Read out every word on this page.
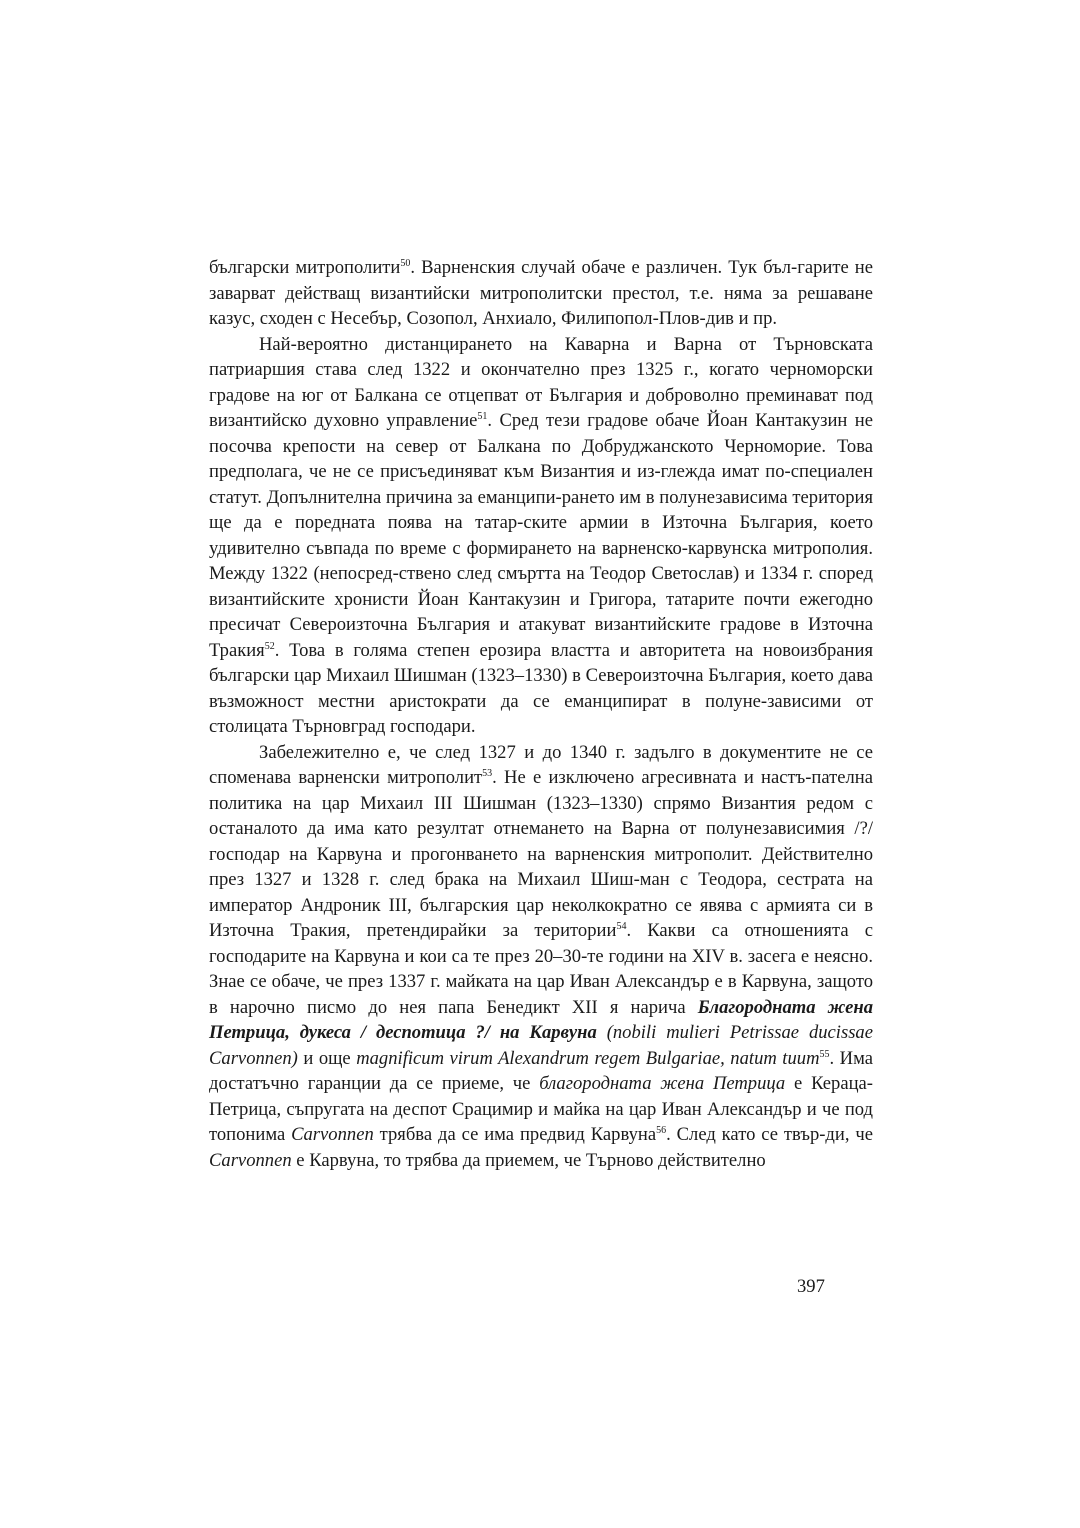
български митрополити$^{50}$. Варненския случай обаче е различен. Тук бъл-гарите не заварват действащ византийски митрополитски престол, т.е. няма за решаване казус, сходен с Несебър, Созопол, Анхиало, Филипопол-Плов-див и пр.

Най-вероятно дистанцирането на Каварна и Варна от Търновската патриаршия става след 1322 и окончателно през 1325 г., когато черноморски градове на юг от Балкана се отцепват от България и доброволно преминават под византийско духовно управление$^{51}$. Сред тези градове обаче Йоан Кантакузин не посочва крепости на север от Балкана по Добруджанското Черноморие. Това предполага, че не се присъединяват към Византия и из-глежда имат по-специален статут. Допълнителна причина за еманципи-рането им в полунезависима територия ще да е поредната поява на татар-ските армии в Източна България, което удивително съвпада по време с формирането на варненско-карвунска митрополия. Между 1322 (непосред-ствено след смъртта на Теодор Светослав) и 1334 г. според византийските хронисти Йоан Кантакузин и Григора, татарите почти ежегодно пресичат Североизточна България и атакуват византийските градове в Източна Тракия$^{52}$. Това в голяма степен ерозира властта и авторитета на новоизбрания български цар Михаил Шишман (1323–1330) в Североизточна България, което дава възможност местни аристократи да се еманципират в полуне-зависими от столицата Търновград господари.

Забележително е, че след 1327 и до 1340 г. задълго в документите не се споменава варненски митрополит$^{53}$. Не е изключено агресивната и настъ-пателна политика на цар Михаил III Шишман (1323–1330) спрямо Византия редом с останалото да има като резултат отнемането на Варна от полунезависимия /?/ господар на Карвуна и прогонването на варненския митрополит. Действително през 1327 и 1328 г. след брака на Михаил Шиш-ман с Теодора, сестрата на император Андроник III, българския цар неколкократно се явява с армията си в Източна Тракия, претендирайки за територии$^{54}$. Какви са отношенията с господарите на Карвуна и кои са те през 20–30-те години на XIV в. засега е неясно. Знае се обаче, че през 1337 г. майката на цар Иван Александър е в Карвуна, защото в нарочно писмо до нея папа Бенедикт XII я нарича Благородната жена Петрица, дукеса / деспотица ?/ на Карвуна (nobili mulieri Petrissae ducissae Carvonnen) и още magnificum virum Alexandrum regem Bulgariae, natum tuum$^{55}$. Има достатъчно гаранции да се приеме, че благородната жена Петрица е Кераца-Петрица, съпругата на деспот Срацимир и майка на цар Иван Александър и че под топонима Carvonnen трябва да се има предвид Карвуна$^{56}$. След като се твър-ди, че Carvonnen е Карвуна, то трябва да приемем, че Търново действително

397
